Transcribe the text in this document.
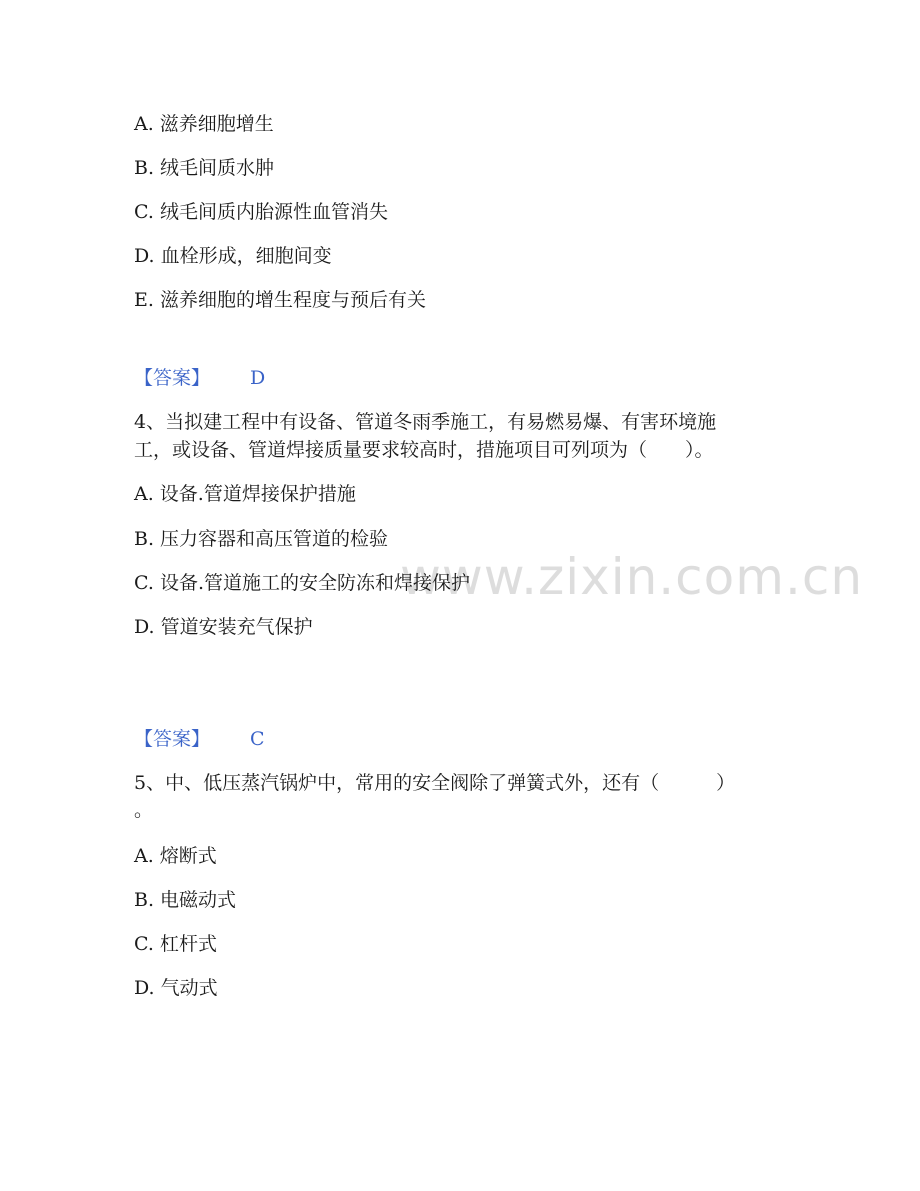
www.zixin.com.cn
A. 滋养细胞增生
B. 绒毛间质水肿
C. 绒毛间质内胎源性血管消失
D. 血栓形成，细胞间变
E. 滋养细胞的增生程度与预后有关
【答案】 D
4、当拟建工程中有设备、管道冬雨季施工，有易燃易爆、有害环境施
工，或设备、管道焊接质量要求较高时，措施项目可列项为（　　）。
A. 设备.管道焊接保护措施
B. 压力容器和高压管道的检验
C. 设备.管道施工的安全防冻和焊接保护
D. 管道安装充气保护
【答案】 C
5、中、低压蒸汽锅炉中，常用的安全阀除了弹簧式外，还有（　　　）
。
A. 熔断式
B. 电磁动式
C. 杠杆式
D. 气动式
